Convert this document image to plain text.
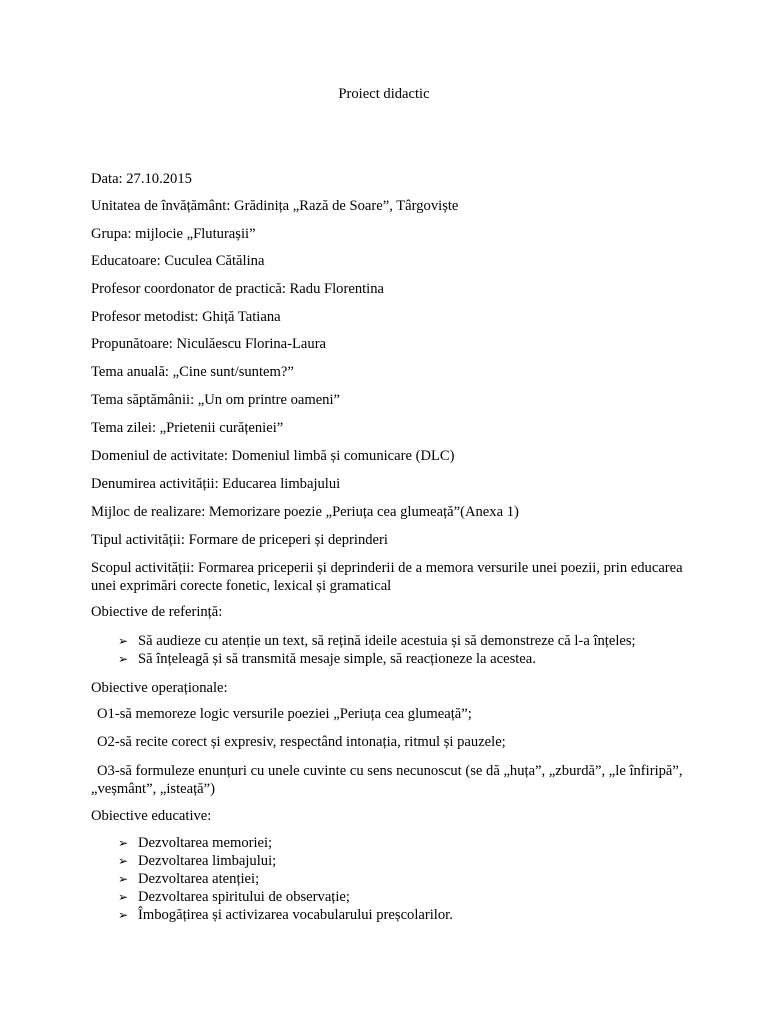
Proiect didactic
Data: 27.10.2015
Unitatea de învățământ: Grădinița „Rază de Soare”, Târgoviște
Grupa: mijlocie „Fluturașii”
Educatoare: Cuculea Cătălina
Profesor coordonator de practică: Radu Florentina
Profesor metodist: Ghiță Tatiana
Propunătoare: Niculăescu Florina-Laura
Tema anuală: „Cine sunt/suntem?”
Tema săptămânii: „Un om printre oameni”
Tema zilei: „Prietenii curățeniei”
Domeniul de activitate: Domeniul limbă și comunicare (DLC)
Denumirea activității: Educarea limbajului
Mijloc de realizare: Memorizare poezie „Periuța cea glumeață”(Anexa 1)
Tipul activității: Formare de priceperi și deprinderi
Scopul activității: Formarea priceperii și deprinderii de a memora versurile unei poezii, prin educarea unei exprimări corecte fonetic, lexical și gramatical
Obiective de referință:
➢ Să audieze cu atenție un text, să rețină ideile acestuia și să demonstreze că l-a înțeles;
➢ Să înțeleagă și să transmită mesaje simple, să reacționeze la acestea.
Obiective operaționale:
O1-să memoreze logic versurile poeziei „Periuța cea glumeață”;
O2-să recite corect și expresiv, respectând intonația, ritmul și pauzele;
O3-să formuleze enunțuri cu unele cuvinte cu sens necunoscut (se dă „huța”, „zburdă”, „le înfiripă”, „veșmânt”, „isteață”)
Obiective educative:
➢ Dezvoltarea memoriei;
➢ Dezvoltarea limbajului;
➢ Dezvoltarea atenției;
➢ Dezvoltarea spiritului de observație;
➢ Îmbogățirea și activizarea vocabularului preșcolarilor.
